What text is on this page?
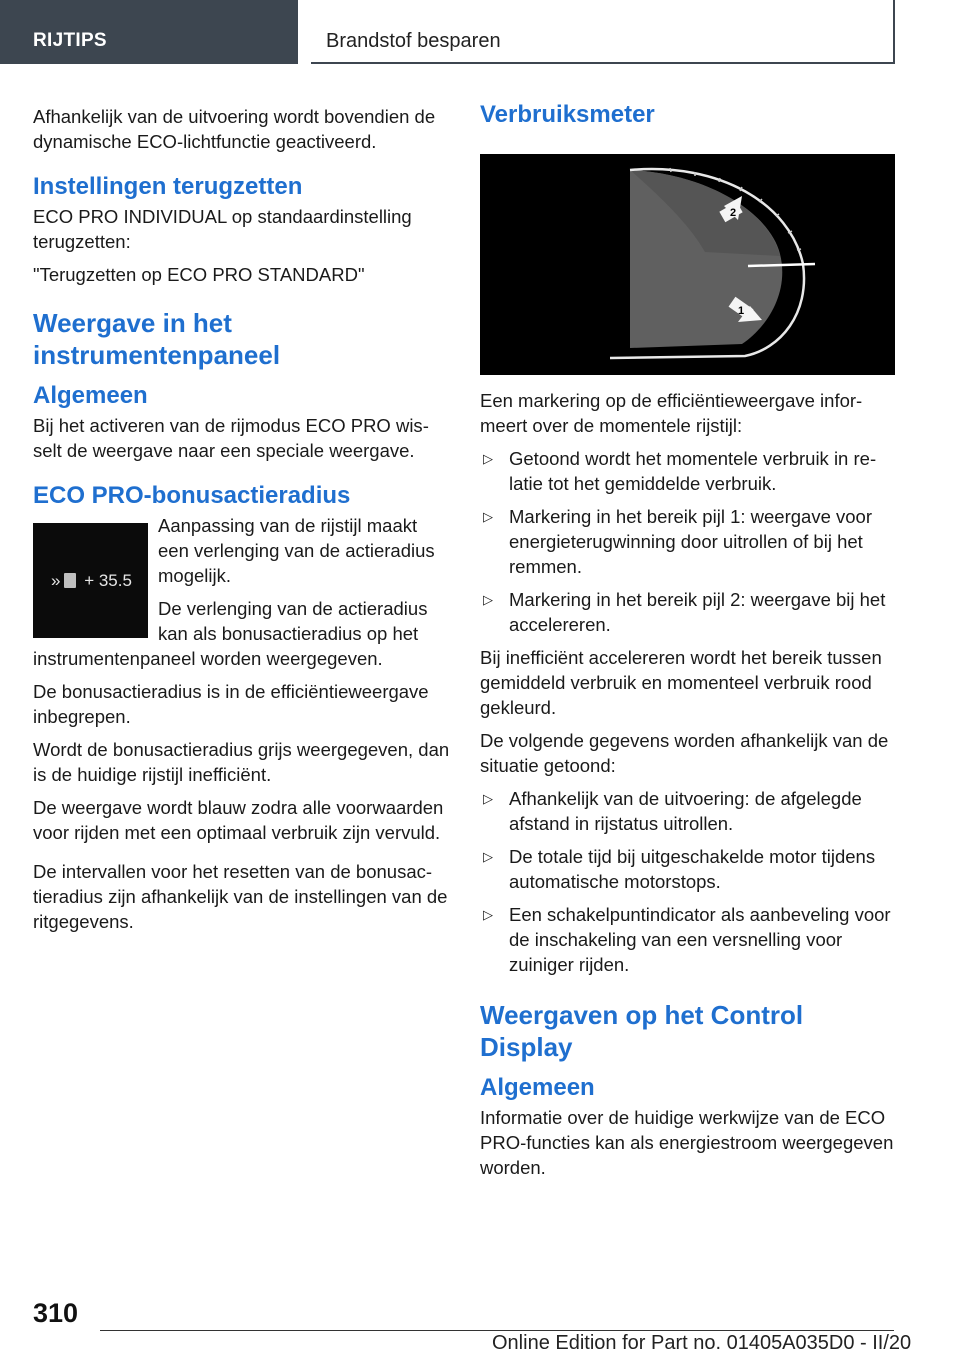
RIJTIPS	Brandstof besparen

Afhankelijk van de uitvoering wordt bovendien de dynamische ECO-lichtfunctie geactiveerd.

Instellingen terugzetten

ECO PRO INDIVIDUAL op standaardinstelling terugzetten:

"Terugzetten op ECO PRO STANDARD"

Weergave in het instrumentenpaneel
Algemeen

Bij het activeren van de rijmodus ECO PRO wisselt de weergave naar een speciale weergave.

ECO PRO-bonusactieradius
» + 35.5

Aanpassing van de rijstijl maakt een verlenging van de actieradius mogelijk.

De verlenging van de actieradius kan als bonusactieradius op het instrumentenpaneel worden weergegeven.

De bonusactieradius is in de efficiëntieweergave inbegrepen.

Wordt de bonusactieradius grijs weergegeven, dan is de huidige rijstijl inefficiënt.

De weergave wordt blauw zodra alle voorwaarden voor rijden met een optimaal verbruik zijn vervuld.

De intervallen voor het resetten van de bonusactieradius zijn afhankelijk van de instellingen van de ritgegevens.

Verbruiksmeter
2
1

Een markering op de efficiëntieweergave informeert over de momentele rijstijl:

▷ Getoond wordt het momentele verbruik in relatie tot het gemiddelde verbruik.
▷ Markering in het bereik pijl 1: weergave voor energieterugwinning door uitrollen of bij het remmen.
▷ Markering in het bereik pijl 2: weergave bij het accelereren.

Bij inefficiënt accelereren wordt het bereik tussen gemiddeld verbruik en momenteel verbruik rood gekleurd.

De volgende gegevens worden afhankelijk van de situatie getoond:

▷ Afhankelijk van de uitvoering: de afgelegde afstand in rijstatus uitrollen.
▷ De totale tijd bij uitgeschakelde motor tijdens automatische motorstops.
▷ Een schakelpuntindicator als aanbeveling voor de inschakeling van een versnelling voor zuiniger rijden.
Weergaven op het Control Display
Algemeen

Informatie over de huidige werkwijze van de ECO PRO-functies kan als energiestroom weergegeven worden.

310
Online Edition for Part no. 01405A035D0 - II/20
